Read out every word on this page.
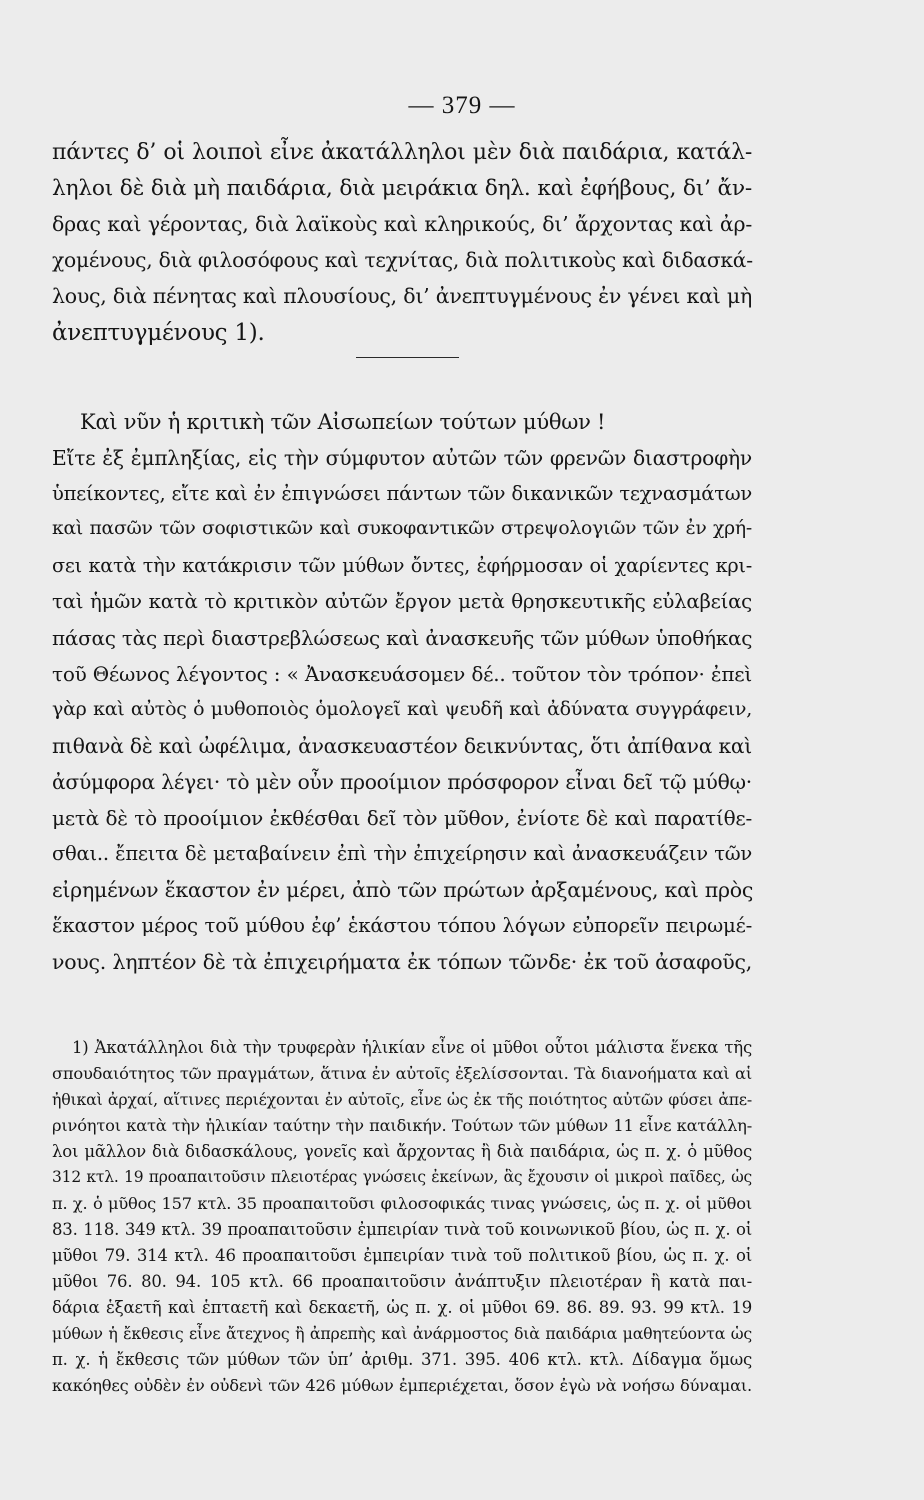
— 379 —
πάντες δ’ οἱ λοιποὶ εἶνε ἀκατάλληλοι μὲν διὰ παιδάρια, κατάλ-
ληλοι δὲ διὰ μὴ παιδάρια, διὰ μειράκια δηλ. καὶ ἐφήβους, δι’ ἄν-
δρας καὶ γέροντας, διὰ λαϊκοὺς καὶ κληρικούς, δι’ ἄρχοντας καὶ ἀρ-
χομένους, διὰ φιλοσόφους καὶ τεχνίτας, διὰ πολιτικοὺς καὶ διδασκά-
λους, διὰ πένητας καὶ πλουσίους, δι’ ἀνεπτυγμένους ἐν γένει καὶ μὴ
ἀνεπτυγμένους 1).
Καὶ νῦν ἡ κριτικὴ τῶν Αἰσωπείων τούτων μύθων !
Εἴτε ἐξ ἐμπληξίας, εἰς τὴν σύμφυτον αὐτῶν τῶν φρενῶν διαστροφὴν
ὑπείκοντες, εἴτε καὶ ἐν ἐπιγνώσει πάντων τῶν δικανικῶν τεχνασμάτων
καὶ πασῶν τῶν σοφιστικῶν καὶ συκοφαντικῶν στρεψολογιῶν τῶν ἐν χρή-
σει κατὰ τὴν κατάκρισιν τῶν μύθων ὄντες, ἐφήρμοσαν οἱ χαρίεντες κρι-
ταὶ ἡμῶν κατὰ τὸ κριτικὸν αὐτῶν ἔργον μετὰ θρησκευτικῆς εὐλαβείας
πάσας τὰς περὶ διαστρεβλώσεως καὶ ἀνασκευῆς τῶν μύθων ὑποθήκας
τοῦ Θέωνος λέγοντος : « Ἀνασκευάσομεν δέ.. τοῦτον τὸν τρόπον· ἐπεὶ
γὰρ καὶ αὐτὸς ὁ μυθοποιὸς ὁμολογεῖ καὶ ψευδῆ καὶ ἀδύνατα συγγράφειν,
πιθανὰ δὲ καὶ ὠφέλιμα, ἀνασκευαστέον δεικνύντας, ὅτι ἀπίθανα καὶ
ἀσύμφορα λέγει· τὸ μὲν οὖν προοίμιον πρόσφορον εἶναι δεῖ τῷ μύθῳ·
μετὰ δὲ τὸ προοίμιον ἐκθέσθαι δεῖ τὸν μῦθον, ἐνίοτε δὲ καὶ παρατίθε-
σθαι.. ἔπειτα δὲ μεταβαίνειν ἐπὶ τὴν ἐπιχείρησιν καὶ ἀνασκευάζειν τῶν
εἰρημένων ἕκαστον ἐν μέρει, ἀπὸ τῶν πρώτων ἀρξαμένους, καὶ πρὸς
ἕκαστον μέρος τοῦ μύθου ἐφ’ ἑκάστου τόπου λόγων εὐπορεῖν πειρωμέ-
νους. ληπτέον δὲ τὰ ἐπιχειρήματα ἐκ τόπων τῶνδε· ἐκ τοῦ ἀσαφοῦς,
1) Ἀκατάλληλοι διὰ τὴν τρυφερὰν ἡλικίαν εἶνε οἱ μῦθοι οὗτοι μάλιστα ἕνεκα τῆς
σπουδαιότητος τῶν πραγμάτων, ἅτινα ἐν αὐτοῖς ἐξελίσσονται. Τὰ διανοήματα καὶ αἱ
ἠθικαὶ ἀρχαί, αἵτινες περιέχονται ἐν αὐτοῖς, εἶνε ὡς ἐκ τῆς ποιότητος αὐτῶν φύσει ἀπε-
ρινόητοι κατὰ τὴν ἡλικίαν ταύτην τὴν παιδικήν. Τούτων τῶν μύθων 11 εἶνε κατάλλη-
λοι μᾶλλον διὰ διδασκάλους, γονεῖς καὶ ἄρχοντας ἢ διὰ παιδάρια, ὡς π. χ. ὁ μῦθος
312 κτλ. 19 προαπαιτοῦσιν πλειοτέρας γνώσεις ἐκείνων, ἃς ἔχουσιν οἱ μικροὶ παῖδες, ὡς
π. χ. ὁ μῦθος 157 κτλ. 35 προαπαιτοῦσι φιλοσοφικάς τινας γνώσεις, ὡς π. χ. οἱ μῦθοι
83. 118. 349 κτλ. 39 προαπαιτοῦσιν ἐμπειρίαν τινὰ τοῦ κοινωνικοῦ βίου, ὡς π. χ. οἱ
μῦθοι 79. 314 κτλ. 46 προαπαιτοῦσι ἐμπειρίαν τινὰ τοῦ πολιτικοῦ βίου, ὡς π. χ. οἱ
μῦθοι 76. 80. 94. 105 κτλ. 66 προαπαιτοῦσιν ἀνάπτυξιν πλειοτέραν ἢ κατὰ παι-
δάρια ἑξαετῆ καὶ ἑπταετῆ καὶ δεκαετῆ, ὡς π. χ. οἱ μῦθοι 69. 86. 89. 93. 99 κτλ. 19
μύθων ἡ ἔκθεσις εἶνε ἄτεχνος ἢ ἀπρεπὴς καὶ ἀνάρμοστος διὰ παιδάρια μαθητεύοντα ὡς
π. χ. ἡ ἔκθεσις τῶν μύθων τῶν ὑπ’ ἀριθμ. 371. 395. 406 κτλ. κτλ. Δίδαγμα ὅμως
κακόηθες οὐδὲν ἐν οὐδενὶ τῶν 426 μύθων ἐμπεριέχεται, ὅσον ἐγὼ νὰ νοήσω δύναμαι.
